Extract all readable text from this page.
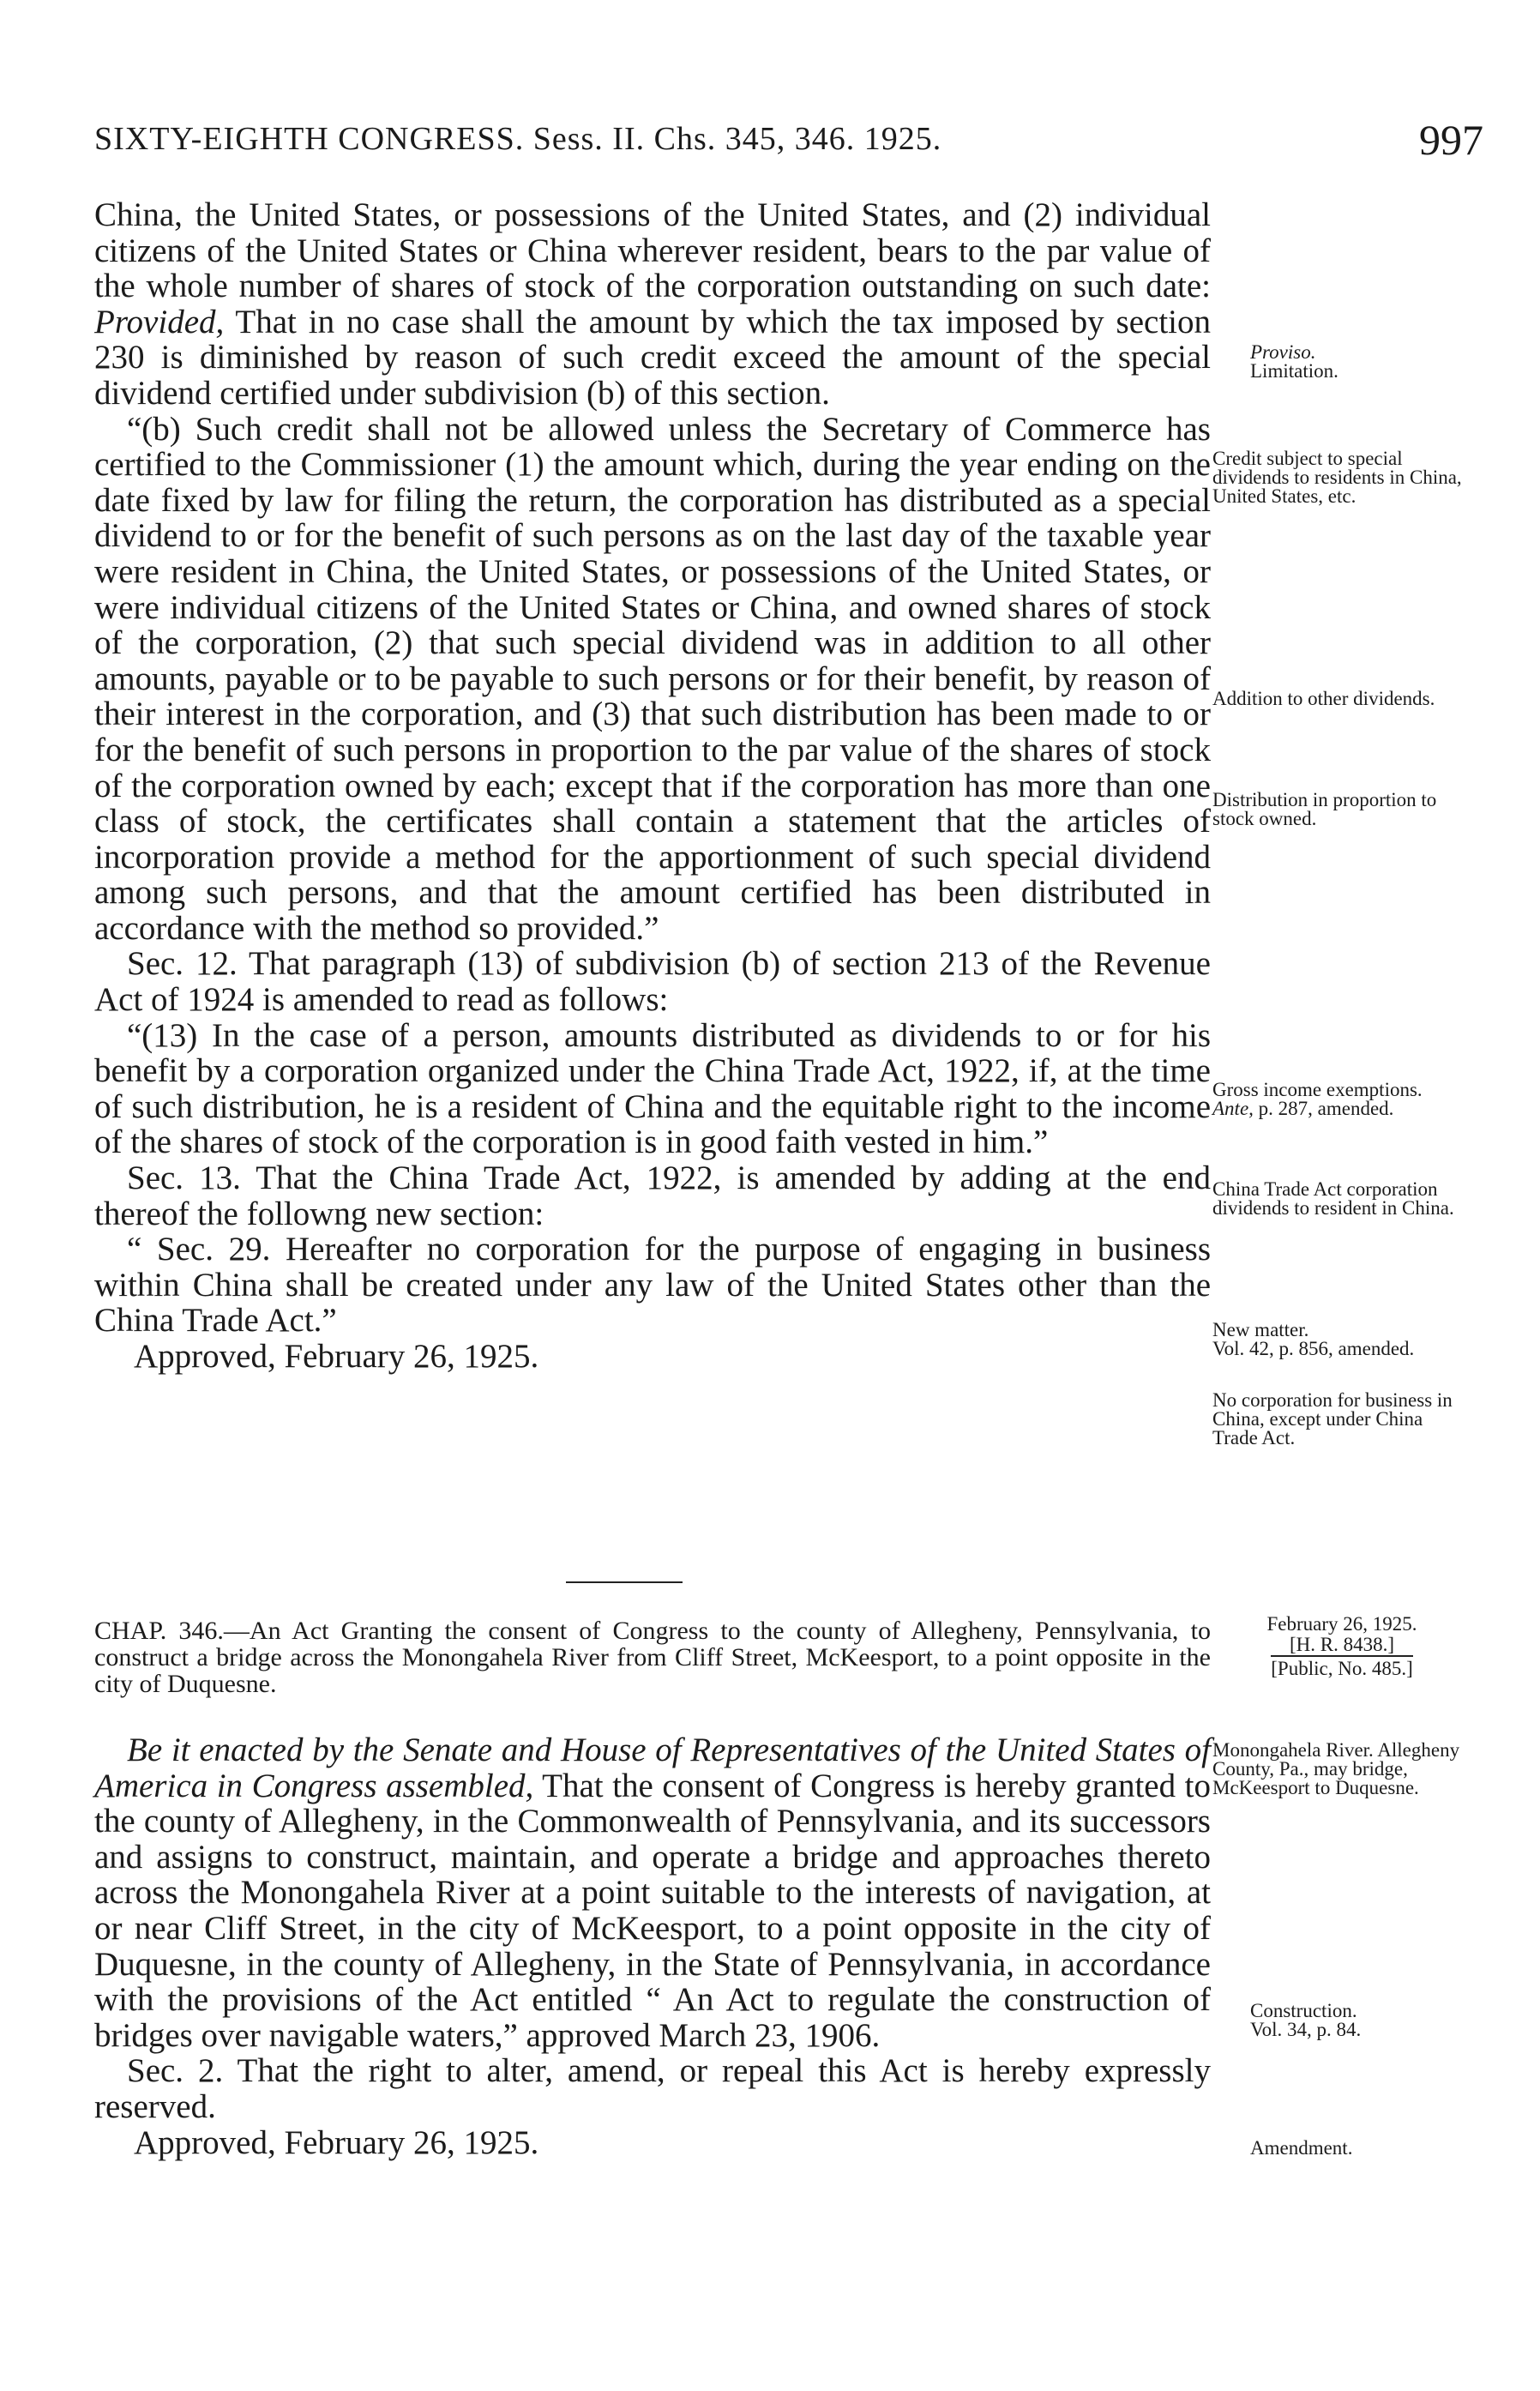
SIXTY-EIGHTH CONGRESS. Sess. II. Chs. 345, 346. 1925.	997

China, the United States, or possessions of the United States, and (2) individual citizens of the United States or China wherever resident, bears to the par value of the whole number of shares of stock of the corporation outstanding on such date: Provided, That in no case shall the amount by which the tax imposed by section 230 is diminished by reason of such credit exceed the amount of the special dividend certified under subdivision (b) of this section.

“(b) Such credit shall not be allowed unless the Secretary of Commerce has certified to the Commissioner (1) the amount which, during the year ending on the date fixed by law for filing the return, the corporation has distributed as a special dividend to or for the benefit of such persons as on the last day of the taxable year were resident in China, the United States, or possessions of the United States, or were individual citizens of the United States or China, and owned shares of stock of the corporation, (2) that such special dividend was in addition to all other amounts, payable or to be payable to such persons or for their benefit, by reason of their interest in the corporation, and (3) that such distribution has been made to or for the benefit of such persons in proportion to the par value of the shares of stock of the corporation owned by each; except that if the corporation has more than one class of stock, the certificates shall contain a statement that the articles of incorporation provide a method for the apportionment of such special dividend among such persons, and that the amount certified has been distributed in accordance with the method so provided.”

Sec. 12. That paragraph (13) of subdivision (b) of section 213 of the Revenue Act of 1924 is amended to read as follows:

“(13) In the case of a person, amounts distributed as dividends to or for his benefit by a corporation organized under the China Trade Act, 1922, if, at the time of such distribution, he is a resident of China and the equitable right to the income of the shares of stock of the corporation is in good faith vested in him.”

Sec. 13. That the China Trade Act, 1922, is amended by adding at the end thereof the followng new section:

“ Sec. 29. Hereafter no corporation for the purpose of engaging in business within China shall be created under any law of the United States other than the China Trade Act.”

Approved, February 26, 1925.

CHAP. 346.—An Act Granting the consent of Congress to the county of Allegheny, Pennsylvania, to construct a bridge across the Monongahela River from Cliff Street, McKeesport, to a point opposite in the city of Duquesne.
February 26, 1925.
[H. R. 8438.]
[Public, No. 485.]

Be it enacted by the Senate and House of Representatives of the United States of America in Congress assembled, That the consent of Congress is hereby granted to the county of Allegheny, in the Commonwealth of Pennsylvania, and its successors and assigns to construct, maintain, and operate a bridge and approaches thereto across the Monongahela River at a point suitable to the interests of navigation, at or near Cliff Street, in the city of McKeesport, to a point opposite in the city of Duquesne, in the county of Allegheny, in the State of Pennsylvania, in accordance with the provisions of the Act entitled “ An Act to regulate the construction of bridges over navigable waters,” approved March 23, 1906.

Sec. 2. That the right to alter, amend, or repeal this Act is hereby expressly reserved.

Approved, February 26, 1925.

Proviso.
Limitation.
Credit subject to special dividends to residents in China, United States, etc.
Addition to other dividends.
Distribution in proportion to stock owned.
Gross income exemptions.
Ante, p. 287, amended.
China Trade Act corporation dividends to resident in China.
New matter.
Vol. 42, p. 856, amended.
No corporation for business in China, except under China Trade Act.
Monongahela River. Allegheny County, Pa., may bridge, McKeesport to Duquesne.
Construction.
Vol. 34, p. 84.
Amendment.
